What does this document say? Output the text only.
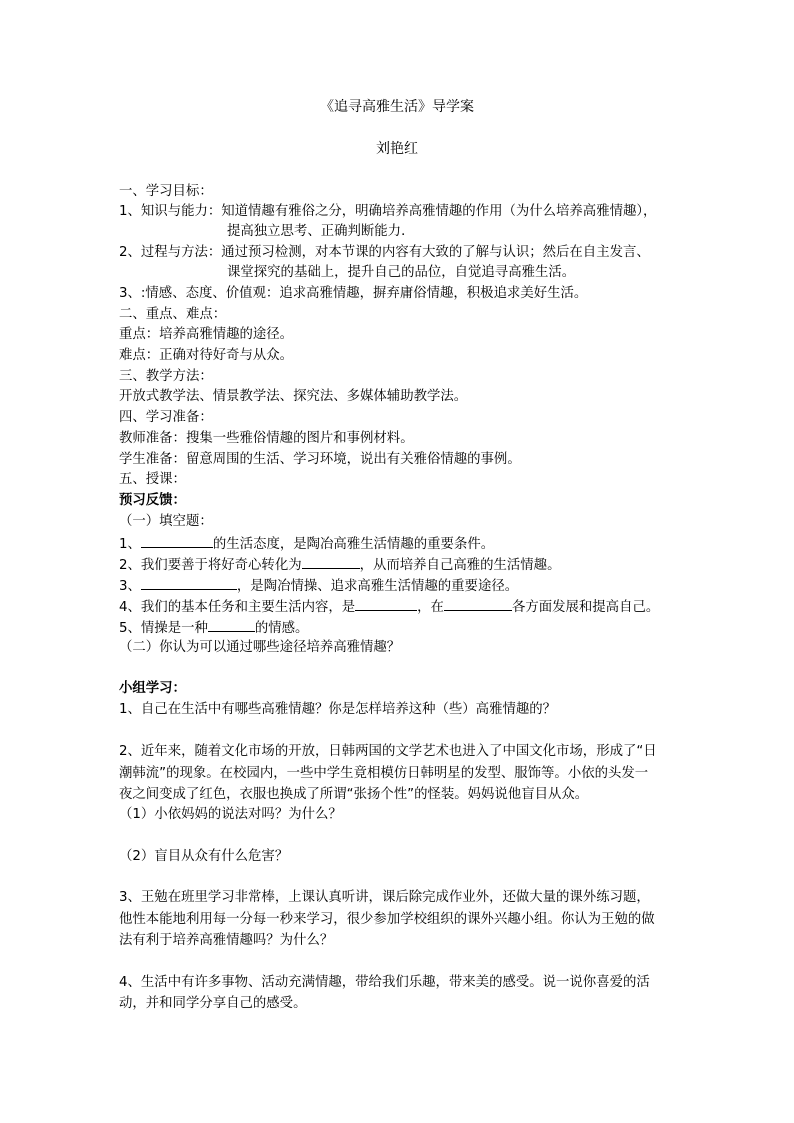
《追寻高雅生活》导学案
刘艳红
一、学习目标：
1、知识与能力：知道情趣有雅俗之分，明确培养高雅情趣的作用（为什么培养高雅情趣），
提高独立思考、正确判断能力．
2、过程与方法：通过预习检测，对本节课的内容有大致的了解与认识；然后在自主发言、
课堂探究的基础上，提升自己的品位，自觉追寻高雅生活。
3、:情感、态度、价值观：追求高雅情趣，摒弃庸俗情趣，积极追求美好生活。
二、重点、难点：
重点：培养高雅情趣的途径。
难点：正确对待好奇与从众。
三、教学方法：
开放式教学法、情景教学法、探究法、多媒体辅助教学法。
四、学习准备：
教师准备：搜集一些雅俗情趣的图片和事例材料。
学生准备：留意周围的生活、学习环境，说出有关雅俗情趣的事例。
五、授课：
预习反馈：
（一）填空题：
1、	的生活态度，是陶冶高雅生活情趣的重要条件。
2、我们要善于将好奇心转化为	，从而培养自己高雅的生活情趣。
3、	，是陶冶情操、追求高雅生活情趣的重要途径。
4、我们的基本任务和主要生活内容，是	，在	各方面发展和提高自己。
5、情操是一种	的情感。
（二）你认为可以通过哪些途径培养高雅情趣？
小组学习：
1、自己在生活中有哪些高雅情趣？你是怎样培养这种（些）高雅情趣的？
2、近年来，随着文化市场的开放，日韩两国的文学艺术也进入了中国文化市场，形成了“日
潮韩流”的现象。在校园内，一些中学生竟相模仿日韩明星的发型、服饰等。小依的头发一
夜之间变成了红色，衣服也换成了所谓“张扬个性”的怪装。妈妈说他盲目从众。
（1）小依妈妈的说法对吗？为什么？
（2）盲目从众有什么危害？
3、王勉在班里学习非常棒，上课认真听讲，课后除完成作业外，还做大量的课外练习题，
他性本能地利用每一分每一秒来学习，很少参加学校组织的课外兴趣小组。你认为王勉的做
法有利于培养高雅情趣吗？为什么？
4、生活中有许多事物、活动充满情趣，带给我们乐趣，带来美的感受。说一说你喜爱的活
动，并和同学分享自己的感受。
